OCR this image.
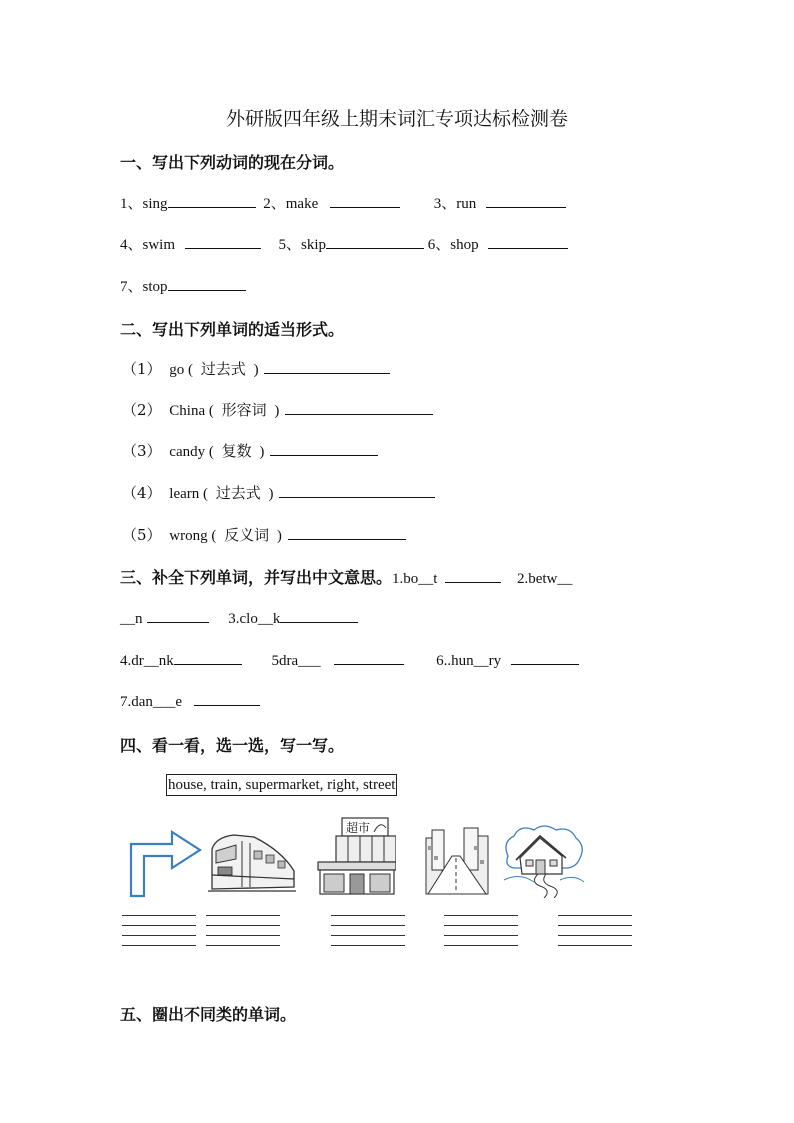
外研版四年级上期末词汇专项达标检测卷
一、写出下列动词的现在分词。
1、sing	2、make	3、run
4、swim	5、skip	6、shop
7、stop
二、写出下列单词的适当形式。
（1） go ( 过去式 )
（2） China ( 形容词 )
（3） candy ( 复数 )
（4） learn ( 过去式 )
（5） wrong ( 反义词 )
三、补全下列单词，并写出中文意思。1.bo__t	2.betw__
__n	3.clo__k
4.dr__nk	5dra___	6..hun__ry
7.dan___e
四、看一看，选一选，写一写。
house, train, supermarket, right, street
超市
五、圈出不同类的单词。
